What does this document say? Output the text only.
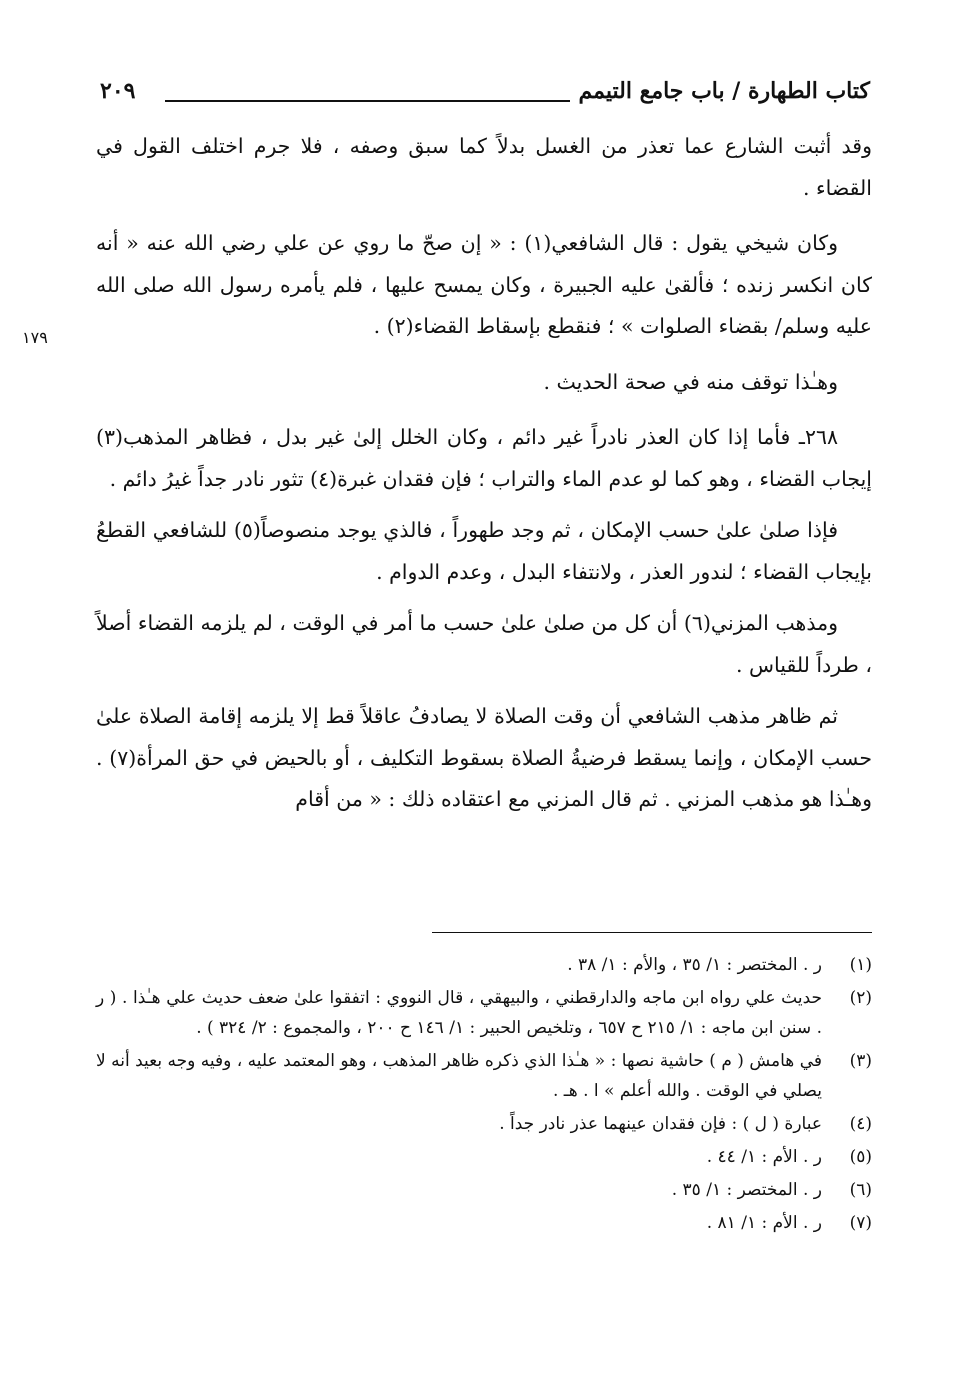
كتاب الطهارة / باب جامع التيمم
٢٠٩
١٧٩

وقد أثبت الشارع عما تعذر من الغسل بدلاً كما سبق وصفه ، فلا جرم اختلف القول في القضاء .

وكان شيخي يقول : قال الشافعي(١) : « إن صحّ ما روي عن علي رضي الله عنه « أنه كان انكسر زنده ؛ فألقىٰ عليه الجبيرة ، وكان يمسح عليها ، فلم يأمره رسول الله صلى الله عليه وسلم/ بقضاء الصلوات » ؛ فنقطع بإسقاط القضاء(٢) .

وهـٰذا توقف منه في صحة الحديث .

٢٦٨ـ فأما إذا كان العذر نادراً غير دائم ، وكان الخلل إلىٰ غير بدل ، فظاهر المذهب(٣) إيجاب القضاء ، وهو كما لو عدم الماء والتراب ؛ فإن فقدان غبرة(٤) تثور نادر جداً غيرُ دائم .

فإذا صلىٰ علىٰ حسب الإمكان ، ثم وجد طهوراً ، فالذي يوجد منصوصاً(٥) للشافعي القطعُ بإيجاب القضاء ؛ لندور العذر ، ولانتفاء البدل ، وعدم الدوام .

ومذهب المزني(٦) أن كل من صلىٰ علىٰ حسب ما أمر في الوقت ، لم يلزمه القضاء أصلاً ، طرداً للقياس .

ثم ظاهر مذهب الشافعي أن وقت الصلاة لا يصادفُ عاقلاً قط إلا يلزمه إقامة الصلاة علىٰ حسب الإمكان ، وإنما يسقط فرضيةُ الصلاة بسقوط التكليف ، أو بالحيض في حق المرأة(٧) . وهـٰذا هو مذهب المزني . ثم قال المزني مع اعتقاده ذلك : « من أقام

(١)
ر . المختصر : ١/ ٣٥ ، والأم : ١/ ٣٨ .
(٢)
حديث علي رواه ابن ماجه والدارقطني ، والبيهقي ، قال النووي : اتفقوا علىٰ ضعف حديث علي هـٰذا . ( ر . سنن ابن ماجه : ١/ ٢١٥ ح ٦٥٧ ، وتلخيص الحبير : ١/ ١٤٦ ح ٢٠٠ ، والمجموع : ٢/ ٣٢٤ ) .
(٣)
في هامش ( م ) حاشية نصها : « هـٰذا الذي ذكره ظاهر المذهب ، وهو المعتمد عليه ، وفيه وجه بعيد أنه لا يصلي في الوقت . والله أعلم » ا . هـ .
(٤)
عبارة ( ل ) : فإن فقدان عينهما عذر نادر جداً .
(٥)
ر . الأم : ١/ ٤٤ .
(٦)
ر . المختصر : ١/ ٣٥ .
(٧)
ر . الأم : ١/ ٨١ .
